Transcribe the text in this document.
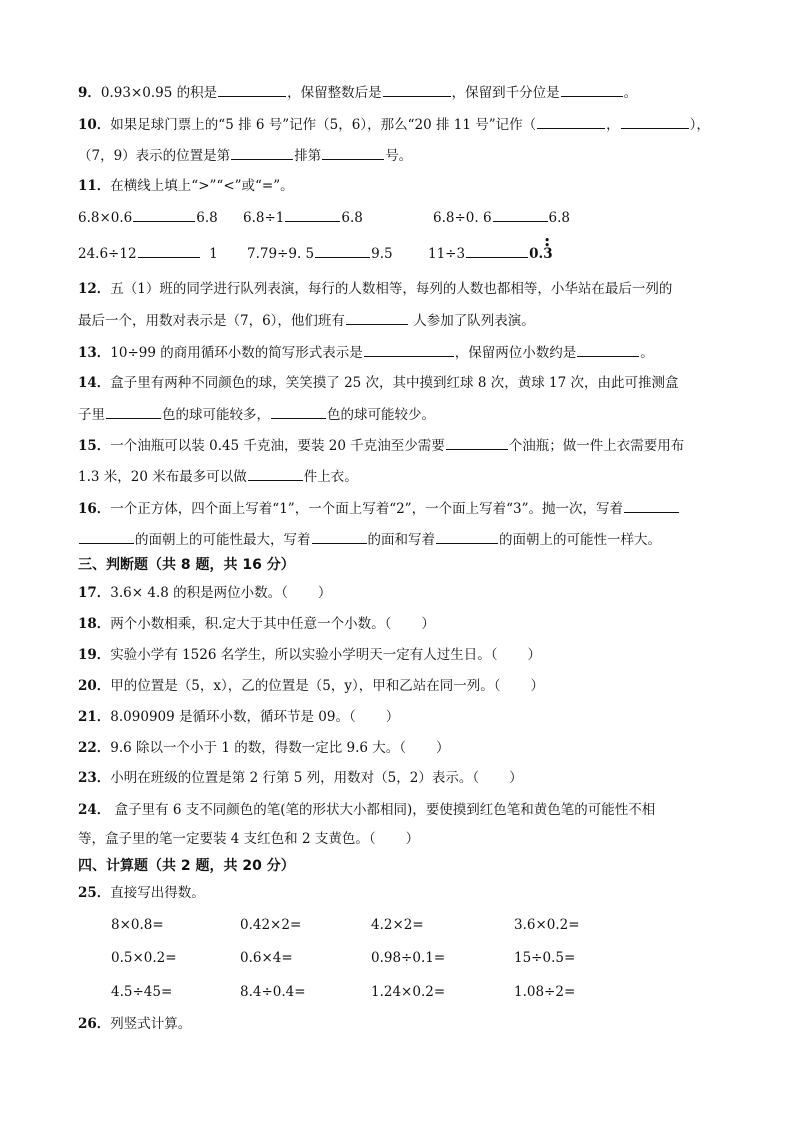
9．0.93×0.95 的积是	，保留整数后是	，保留到千分位是	。
10．如果足球门票上的“5 排 6 号”记作（5，6），那么“20 排 11 号”记作（	，	），
（7，9）表示的位置是第	排第	号。
11．在横线上填上“>”“<”或“=”。
6.8×0.6	6.8 6.8÷1	6.8	6.8÷0. 6	6.8
24.6÷12	1 7.79÷9. 5	9.5	11÷3	0.• 3 •
12．五（1）班的同学进行队列表演，每行的人数相等，每列的人数也都相等，小华站在最后一列的
最后一个，用数对表示是（7，6），他们班有	人参加了队列表演。
13．10÷99 的商用循环小数的简写形式表示是	，保留两位小数约是	。
14．盒子里有两种不同颜色的球，笑笑摸了 25 次，其中摸到红球 8 次，黄球 17 次，由此可推测盒
子里	色的球可能较多，	色的球可能较少。
15．一个油瓶可以装 0.45 千克油，要装 20 千克油至少需要	个油瓶；做一件上衣需要用布
1.3 米，20 米布最多可以做	件上衣。
16．一个正方体，四个面上写着“1”，一个面上写着“2”，一个面上写着“3”。抛一次，写着
的面朝上的可能性最大，写着	的面和写着	的面朝上的可能性一样大。
三、判断题（共 8 题，共 16 分）
17．3.6× 4.8 的积是两位小数。（ ）
18．两个小数相乘，积.定大于其中任意一个小数。（ ）
19．实验小学有 1526 名学生，所以实验小学明天一定有人过生日。（ ）
20．甲的位置是（5，x），乙的位置是（5，y），甲和乙站在同一列。（ ）
21．8.090909 是循环小数，循环节是 09。（ ）
22．9.6 除以一个小于 1 的数，得数一定比 9.6 大。（ ）
23．小明在班级的位置是第 2 行第 5 列，用数对（5，2）表示。（ ）
24． 盒子里有 6 支不同颜色的笔(笔的形状大小都相同)，要使摸到红色笔和黄色笔的可能性不相
等，盒子里的笔一定要装 4 支红色和 2 支黄色。（ ）
四、计算题（共 2 题，共 20 分）
25．直接写出得数。
8×0.8=	0.42×2=	4.2×2=	3.6×0.2=
0.5×0.2=	0.6×4=	0.98÷0.1=	15÷0.5=
4.5÷45=	8.4÷0.4=	1.24×0.2=	1.08÷2=
26．列竖式计算。
